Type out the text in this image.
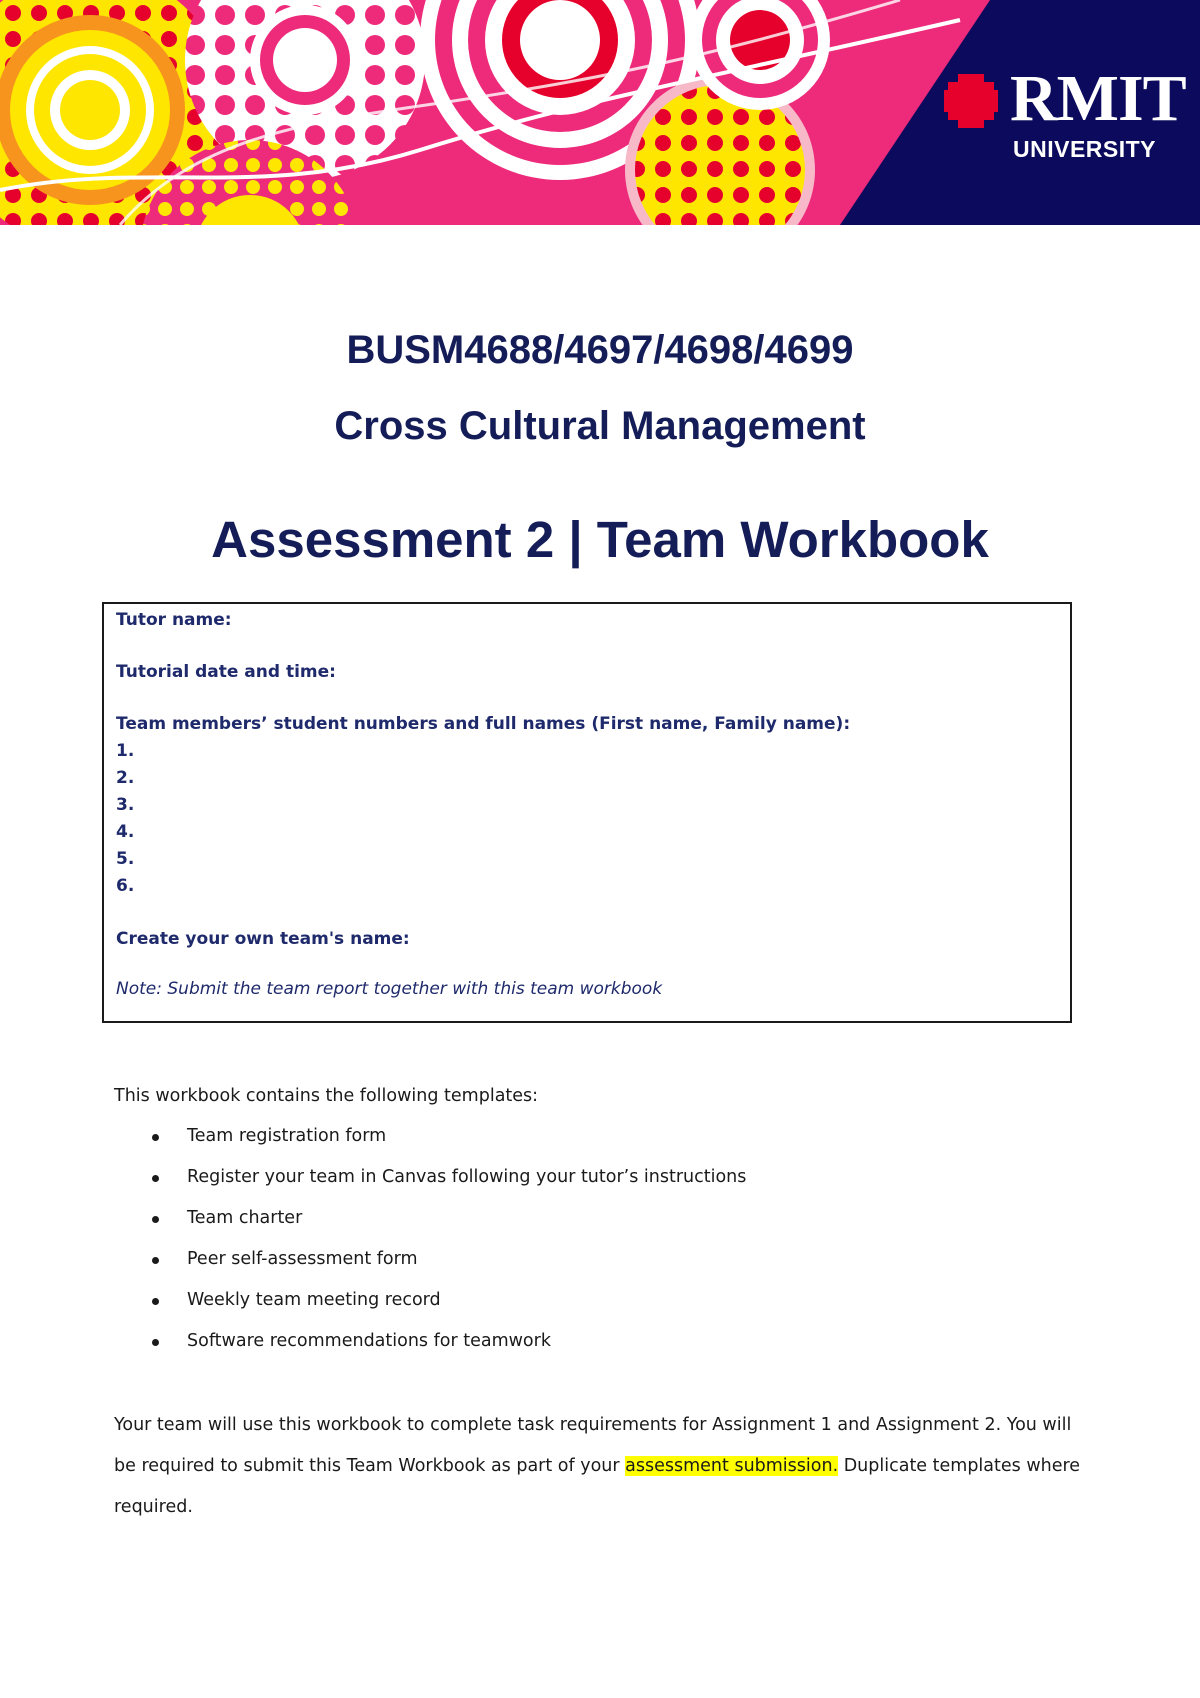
RMIT
UNIVERSITY
BUSM4688/4697/4698/4699
Cross Cultural Management
Assessment 2 | Team Workbook
Tutor name:
Tutorial date and time:
Team members’ student numbers and full names (First name, Family name):
1.
2.
3.
4.
5.
6.
Create your own team's name:
Note: Submit the team report together with this team workbook
This workbook contains the following templates:
Team registration form
Register your team in Canvas following your tutor’s instructions
Team charter
Peer self-assessment form
Weekly team meeting record
Software recommendations for teamwork
Your team will use this workbook to complete task requirements for Assignment 1 and Assignment 2. You will be required to submit this Team Workbook as part of your assessment submission. Duplicate templates where required.
